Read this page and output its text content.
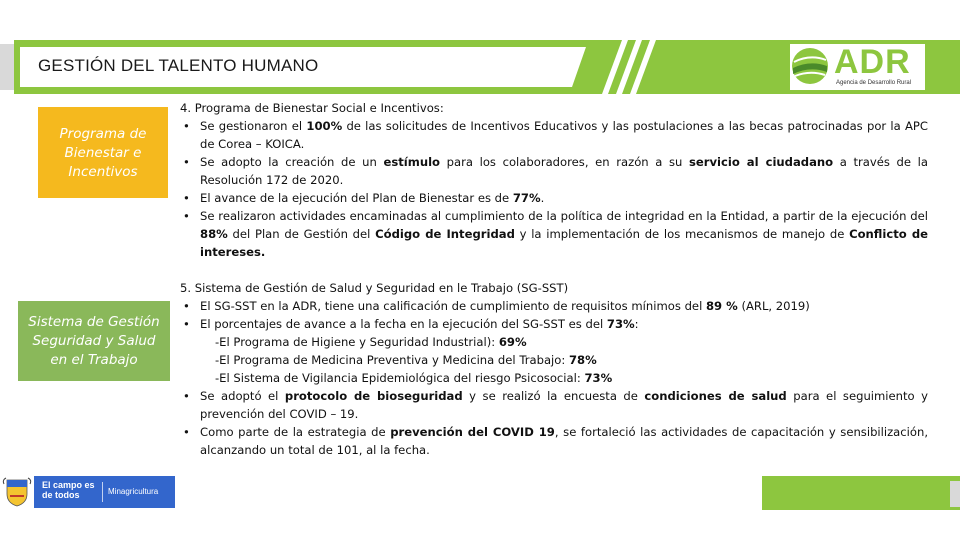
GESTIÓN DEL TALENTO HUMANO	ADR
Agencia de Desarrollo Rural
Programa de
Bienestar e
Incentivos
Sistema de Gestión
Seguridad y Salud
en el Trabajo
4. Programa de Bienestar Social e Incentivos:
• Se gestionaron el 100% de las solicitudes de Incentivos Educativos y las postulaciones a las becas patrocinadas por la APC de Corea – KOICA.
• Se adopto la creación de un estímulo para los colaboradores, en razón a su servicio al ciudadano a través de la Resolución 172 de 2020.
• El avance de la ejecución del Plan de Bienestar es de 77%.
• Se realizaron actividades encaminadas al cumplimiento de la política de integridad en la Entidad, a partir de la ejecución del 88% del Plan de Gestión del Código de Integridad y la implementación de los mecanismos de manejo de Conflicto de intereses.
5. Sistema de Gestión de Salud y Seguridad en le Trabajo (SG-SST)
• El SG-SST en la ADR, tiene una calificación de cumplimiento de requisitos mínimos del 89 % (ARL, 2019)
• El porcentajes de avance a la fecha en la ejecución del SG-SST es del 73%:
-El Programa de Higiene y Seguridad Industrial): 69%
-El Programa de Medicina Preventiva y Medicina del Trabajo: 78%
-El Sistema de Vigilancia Epidemiológica del riesgo Psicosocial: 73%
• Se adoptó el protocolo de bioseguridad y se realizó la encuesta de condiciones de salud para el seguimiento y prevención del COVID – 19.
• Como parte de la estrategia de prevención del COVID 19, se fortaleció las actividades de capacitación y sensibilización, alcanzando un total de 101, al la fecha.
El campo es de todos	Minagricultura
